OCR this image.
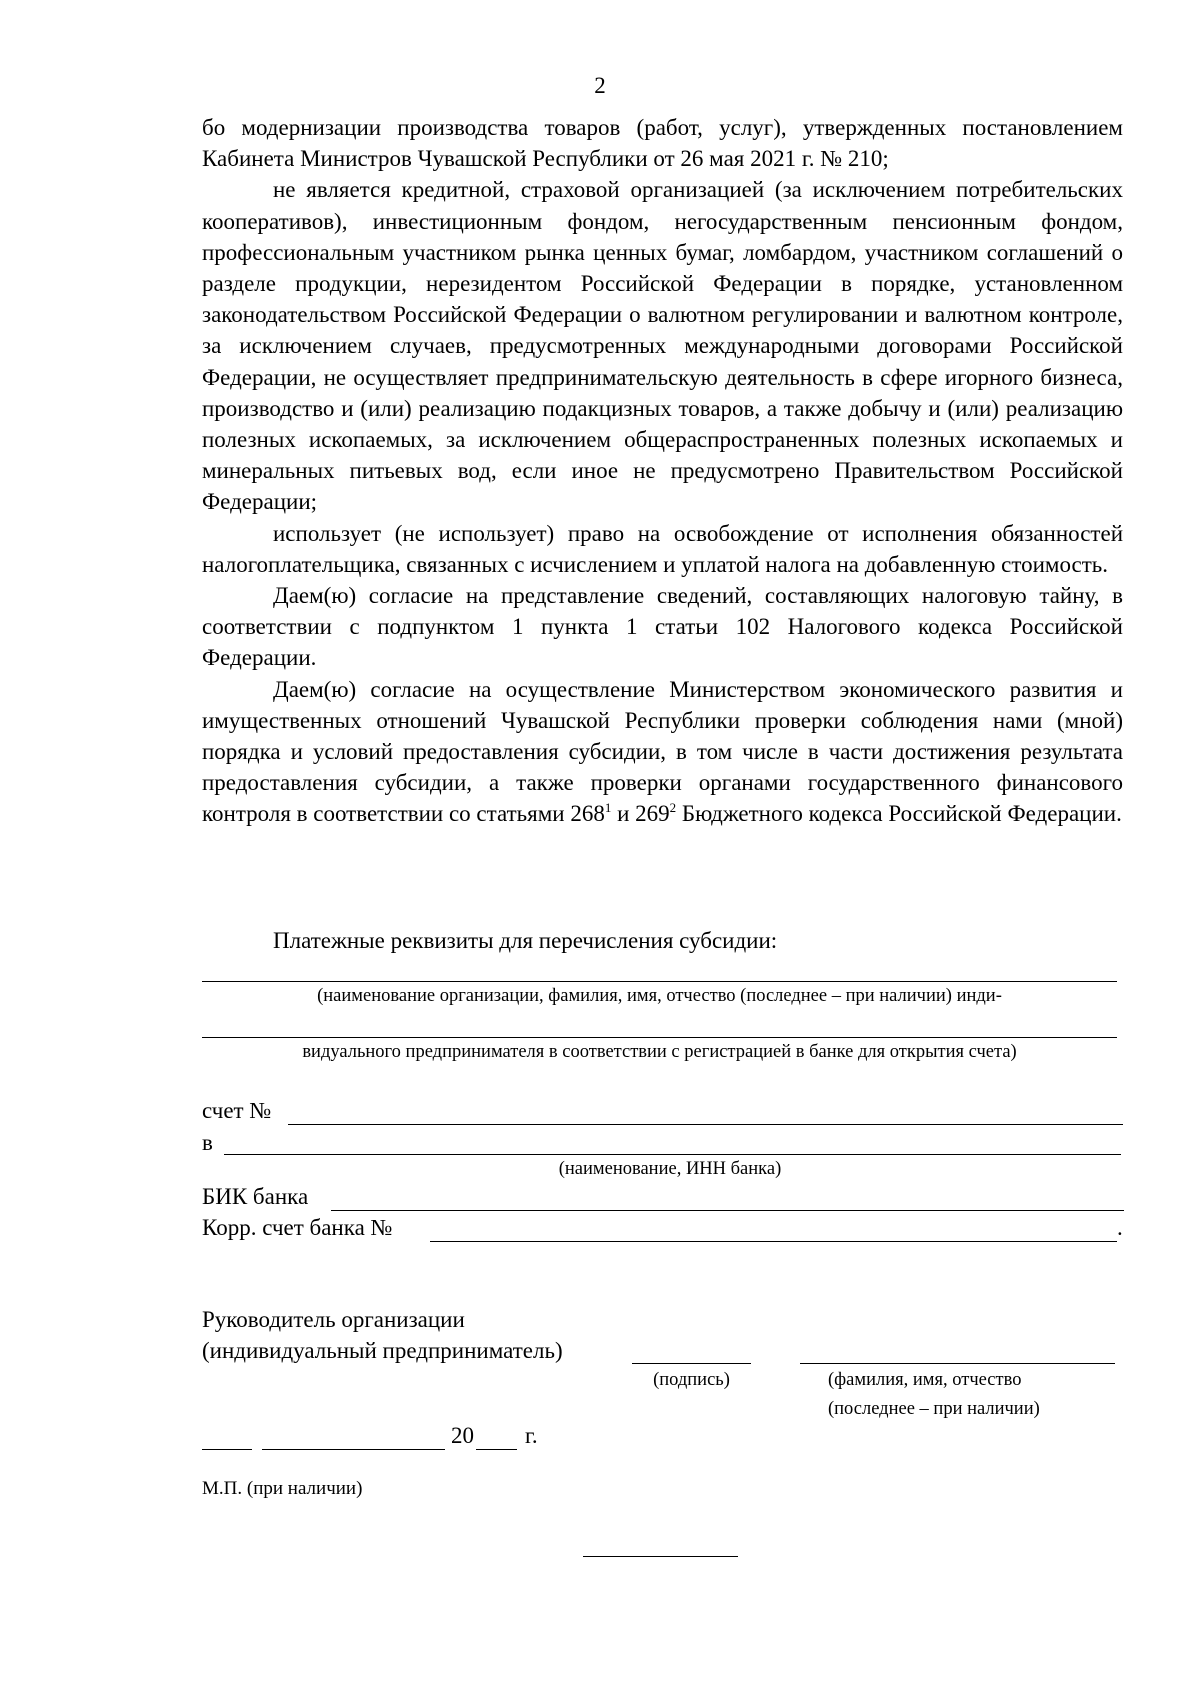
2

бо модернизации производства товаров (работ, услуг), утвержденных постановлением Кабинета Министров Чувашской Республики от 26 мая 2021 г. № 210;

не является кредитной, страховой организацией (за исключением потребительских кооперативов), инвестиционным фондом, негосударственным пенсионным фондом, профессиональным участником рынка ценных бумаг, ломбардом, участником соглашений о разделе продукции, нерезидентом Российской Федерации в порядке, установленном законодательством Российской Федерации о валютном регулировании и валютном контроле, за исключением случаев, предусмотренных международными договорами Российской Федерации, не осуществляет предпринимательскую деятельность в сфере игорного бизнеса, производство и (или) реализацию подакцизных товаров, а также добычу и (или) реализацию полезных ископаемых, за исключением общераспространенных полезных ископаемых и минеральных питьевых вод, если иное не предусмотрено Правительством Российской Федерации;

использует (не использует) право на освобождение от исполнения обязанностей налогоплательщика, связанных с исчислением и уплатой налога на добавленную стоимость.

Даем(ю) согласие на представление сведений, составляющих налоговую тайну, в соответствии с подпунктом 1 пункта 1 статьи 102 Налогового кодекса Российской Федерации.

Даем(ю) согласие на осуществление Министерством экономического развития и имущественных отношений Чувашской Республики проверки соблюдения нами (мной) порядка и условий предоставления субсидии, в том числе в части достижения результата предоставления субсидии, а также проверки органами государственного финансового контроля в соответствии со статьями $268^1$ и $269^2$ Бюджетного кодекса Российской Федерации.

Платежные реквизиты для перечисления субсидии:
(наименование организации, фамилия, имя, отчество (последнее – при наличии) инди-
видуального предпринимателя в соответствии с регистрацией в банке для открытия счета)
счет №
в
(наименование, ИНН банка)
БИК банка
Корр. счет банка №	.
Руководитель организации
(индивидуальный предприниматель)
(подпись)	(фамилия, имя, отчество
(последнее – при наличии)
20 г.
М.П. (при наличии)
